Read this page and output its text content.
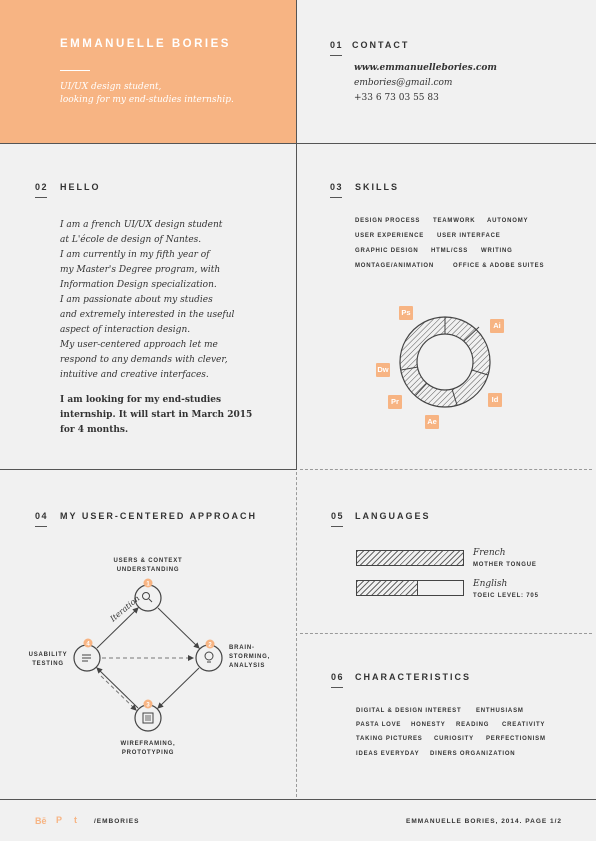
EMMANUELLE BORIES
UI/UX design student,
looking for my end-studies internship.
01 CONTACT
www.emmanuellebories.com
embories@gmail.com
+33 6 73 03 55 83
02 HELLO
I am a french UI/UX design student
at L'école de design of Nantes.
I am currently in my fifth year of
my Master's Degree program, with
Information Design specialization.
I am passionate about my studies
and extremely interested in the useful
aspect of interaction design.
My user-centered approach let me
respond to any demands with clever,
intuitive and creative interfaces.
I am looking for my end-studies
internship. It will start in March 2015
for 4 months.
03 SKILLS
DESIGN PROCESS TEAMWORK AUTONOMY
USER EXPERIENCE USER INTERFACE
GRAPHIC DESIGN HTML/CSS WRITING
MONTAGE/ANIMATION	OFFICE & ADOBE SUITES
Ps
Ai
Id
Ae
Pr
Dw
04 MY USER-CENTERED APPROACH
1
2
3
4
Iteration
USERS & CONTEXT
UNDERSTANDING
BRAIN-
STORMING,
ANALYSIS
WIREFRAMING,
PROTOTYPING
USABILITY
TESTING
05 LANGUAGES
French
MOTHER TONGUE
English
TOEIC LEVEL: 705
06 CHARACTERISTICS
DIGITAL & DESIGN INTEREST ENTHUSIASM
PASTA LOVE HONESTY READING CREATIVITY
TAKING PICTURES CURIOSITY PERFECTIONISM
IDEAS EVERYDAY DINERS ORGANIZATION
Bē P t	/EMBORIES	EMMANUELLE BORIES, 2014. PAGE 1/2
